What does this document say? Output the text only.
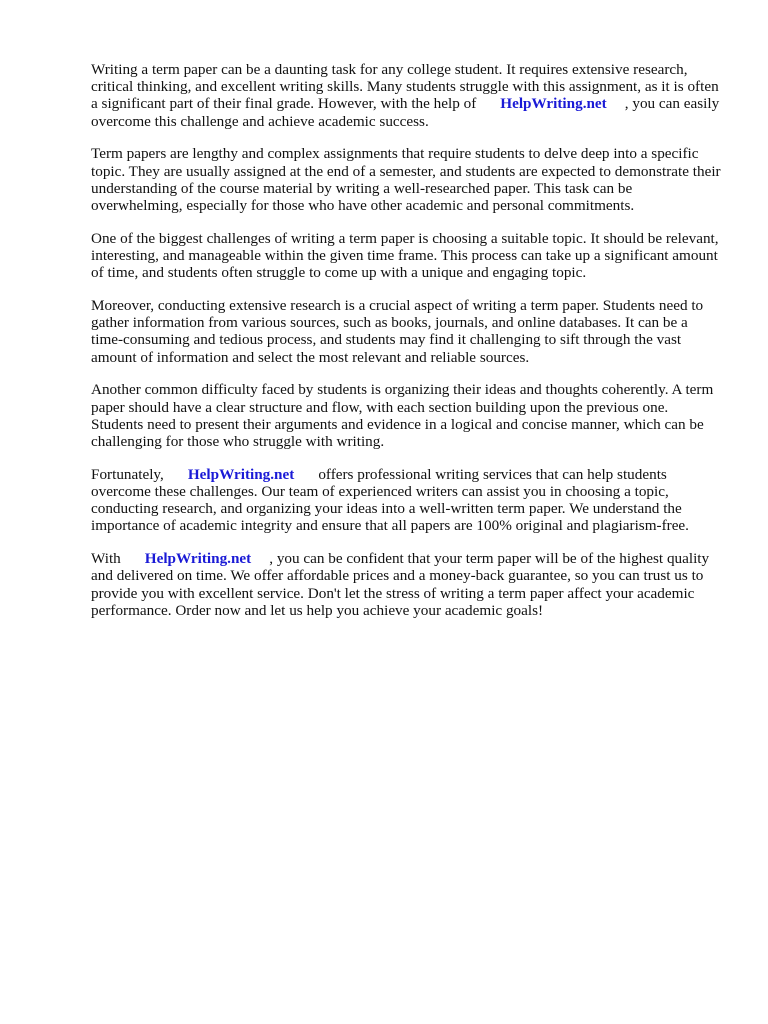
Writing a term paper can be a daunting task for any college student. It requires extensive research, critical thinking, and excellent writing skills. Many students struggle with this assignment, as it is often a significant part of their final grade. However, with the help of HelpWriting.net , you can easily overcome this challenge and achieve academic success.

Term papers are lengthy and complex assignments that require students to delve deep into a specific topic. They are usually assigned at the end of a semester, and students are expected to demonstrate their understanding of the course material by writing a well-researched paper. This task can be overwhelming, especially for those who have other academic and personal commitments.

One of the biggest challenges of writing a term paper is choosing a suitable topic. It should be relevant, interesting, and manageable within the given time frame. This process can take up a significant amount of time, and students often struggle to come up with a unique and engaging topic.

Moreover, conducting extensive research is a crucial aspect of writing a term paper. Students need to gather information from various sources, such as books, journals, and online databases. It can be a time-consuming and tedious process, and students may find it challenging to sift through the vast amount of information and select the most relevant and reliable sources.

Another common difficulty faced by students is organizing their ideas and thoughts coherently. A term paper should have a clear structure and flow, with each section building upon the previous one. Students need to present their arguments and evidence in a logical and concise manner, which can be challenging for those who struggle with writing.

Fortunately, HelpWriting.net offers professional writing services that can help students overcome these challenges. Our team of experienced writers can assist you in choosing a topic, conducting research, and organizing your ideas into a well-written term paper. We understand the importance of academic integrity and ensure that all papers are 100% original and plagiarism-free.

With HelpWriting.net , you can be confident that your term paper will be of the highest quality and delivered on time. We offer affordable prices and a money-back guarantee, so you can trust us to provide you with excellent service. Don't let the stress of writing a term paper affect your academic performance. Order now and let us help you achieve your academic goals!
